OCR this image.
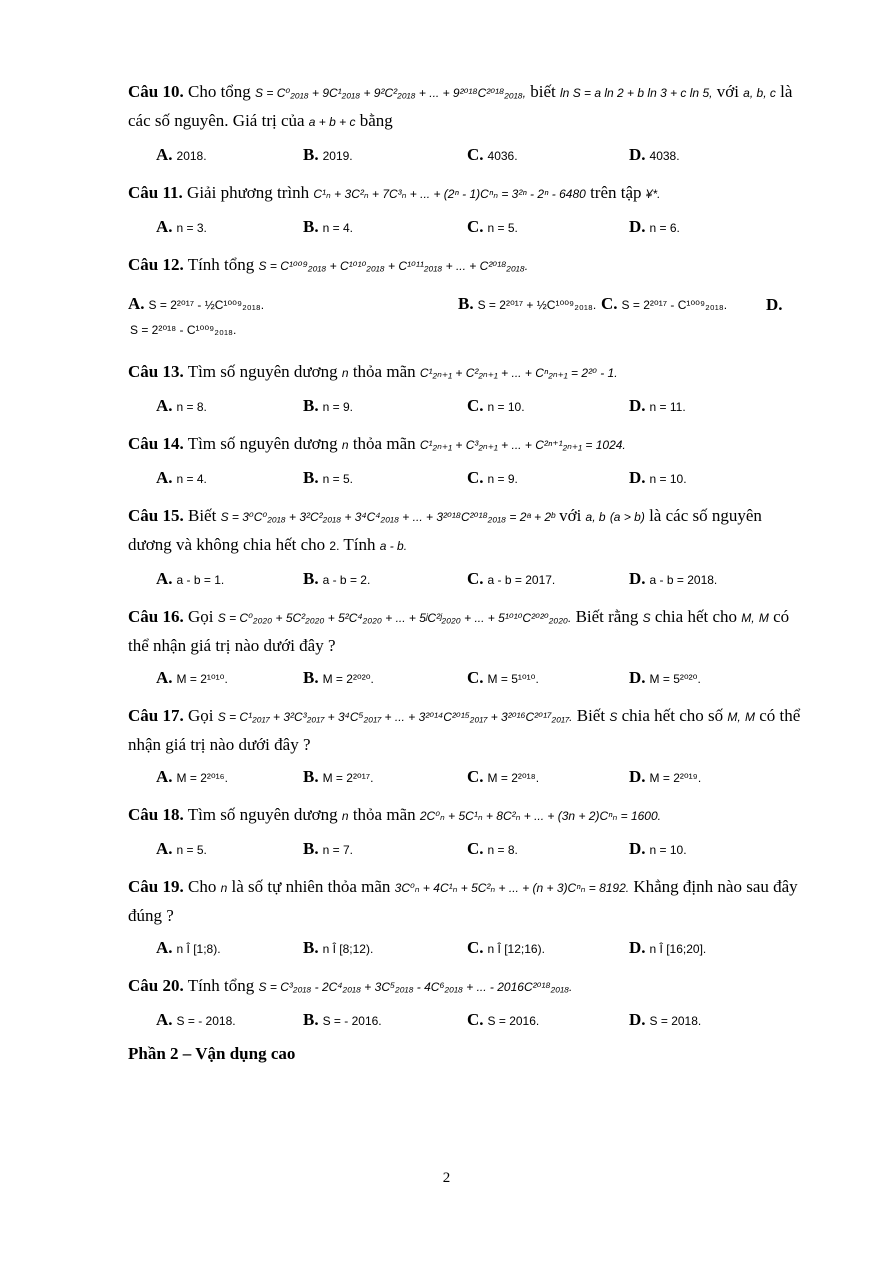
Câu 10. Cho tổng S = C⁰₂₀₁₈ + 9C¹₂₀₁₈ + 9²C²₂₀₁₈ + ... + 9²⁰¹⁸C²⁰¹⁸₂₀₁₈, biết ln S = a ln 2 + b ln 3 + c ln 5, với a, b, c là các số nguyên. Giá trị của a + b + c bằng

A. 2018.	B. 2019.	C. 4036.	D. 4038.

Câu 11. Giải phương trình C¹ₙ + 3C²ₙ + 7C³ₙ + ... + (2ⁿ - 1)Cⁿₙ = 3²ⁿ - 2ⁿ - 6480 trên tập ¥*.

A. n = 3.	B. n = 4.	C. n = 5.	D. n = 6.

Câu 12. Tính tổng S = C¹⁰⁰⁹₂₀₁₈ + C¹⁰¹⁰₂₀₁₈ + C¹⁰¹¹₂₀₁₈ + ... + C²⁰¹⁸₂₀₁₈.

A. S = 2²⁰¹⁷ - ½C¹⁰⁰⁹₂₀₁₈.	B. S = 2²⁰¹⁷ + ½C¹⁰⁰⁹₂₀₁₈. C. S = 2²⁰¹⁷ - C¹⁰⁰⁹₂₀₁₈.	D.
S = 2²⁰¹⁸ - C¹⁰⁰⁹₂₀₁₈.

Câu 13. Tìm số nguyên dương n thỏa mãn C¹₂ₙ₊₁ + C²₂ₙ₊₁ + ... + Cⁿ₂ₙ₊₁ = 2²⁰ - 1.

A. n = 8.	B. n = 9.	C. n = 10.	D. n = 11.

Câu 14. Tìm số nguyên dương n thỏa mãn C¹₂ₙ₊₁ + C³₂ₙ₊₁ + ... + C²ⁿ⁺¹₂ₙ₊₁ = 1024.

A. n = 4.	B. n = 5.	C. n = 9.	D. n = 10.

Câu 15. Biết S = 3⁰C⁰₂₀₁₈ + 3²C²₂₀₁₈ + 3⁴C⁴₂₀₁₈ + ... + 3²⁰¹⁸C²⁰¹⁸₂₀₁₈ = 2ᵃ + 2ᵇ với a, b (a > b) là các số nguyên dương và không chia hết cho 2. Tính a - b.

A. a - b = 1.	B. a - b = 2.	C. a - b = 2017.	D. a - b = 2018.

Câu 16. Gọi S = C⁰₂₀₂₀ + 5C²₂₀₂₀ + 5²C⁴₂₀₂₀ + ... + 5ʲC²ʲ₂₀₂₀ + ... + 5¹⁰¹⁰C²⁰²⁰₂₀₂₀. Biết rằng S chia hết cho M, M có thể nhận giá trị nào dưới đây ?

A. M = 2¹⁰¹⁰.	B. M = 2²⁰²⁰.	C. M = 5¹⁰¹⁰.	D. M = 5²⁰²⁰.

Câu 17. Gọi S = C¹₂₀₁₇ + 3²C³₂₀₁₇ + 3⁴C⁵₂₀₁₇ + ... + 3²⁰¹⁴C²⁰¹⁵₂₀₁₇ + 3²⁰¹⁶C²⁰¹⁷₂₀₁₇. Biết S chia hết cho số M, M có thể nhận giá trị nào dưới đây ?

A. M = 2²⁰¹⁶.	B. M = 2²⁰¹⁷.	C. M = 2²⁰¹⁸.	D. M = 2²⁰¹⁹.

Câu 18. Tìm số nguyên dương n thỏa mãn 2C⁰ₙ + 5C¹ₙ + 8C²ₙ + ... + (3n + 2)Cⁿₙ = 1600.

A. n = 5.	B. n = 7.	C. n = 8.	D. n = 10.

Câu 19. Cho n là số tự nhiên thỏa mãn 3C⁰ₙ + 4C¹ₙ + 5C²ₙ + ... + (n + 3)Cⁿₙ = 8192. Khẳng định nào sau đây đúng ?

A. n Î [1;8).	B. n Î [8;12).	C. n Î [12;16).	D. n Î [16;20].

Câu 20. Tính tổng S = C³₂₀₁₈ - 2C⁴₂₀₁₈ + 3C⁵₂₀₁₈ - 4C⁶₂₀₁₈ + ... - 2016C²⁰¹⁸₂₀₁₈.

A. S = - 2018.	B. S = - 2016.	C. S = 2016.	D. S = 2018.
Phần 2 – Vận dụng cao
2
